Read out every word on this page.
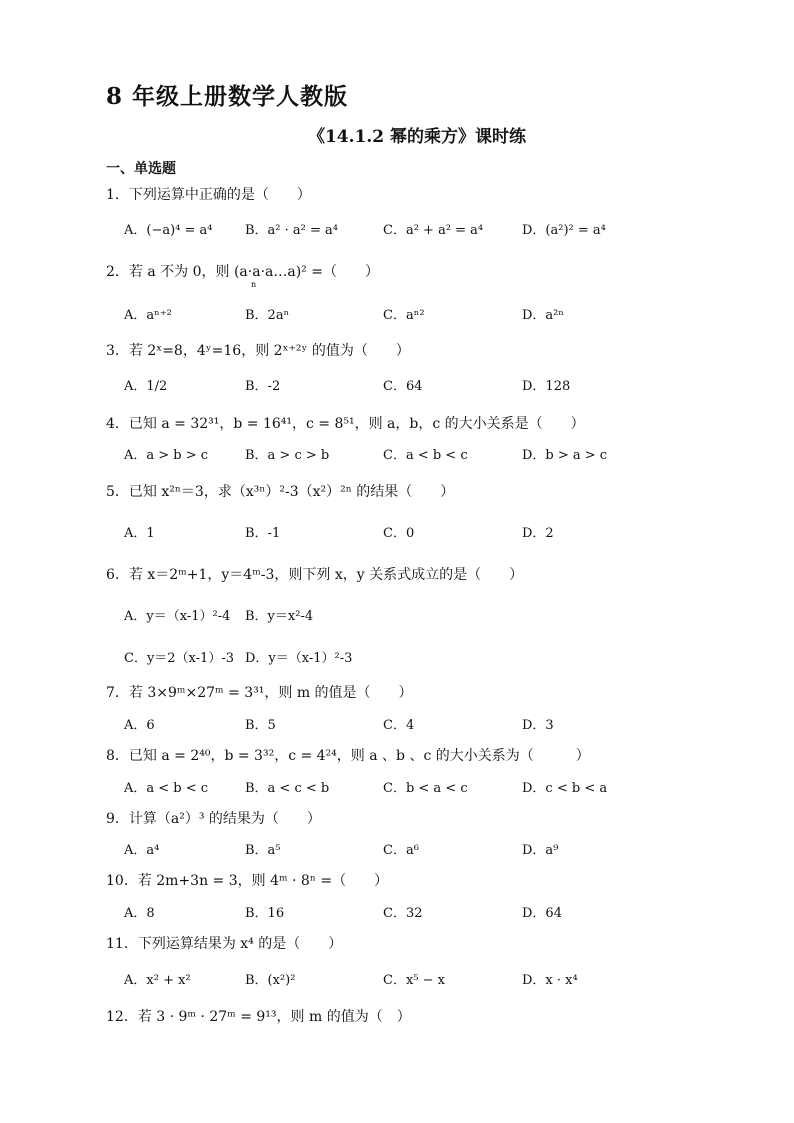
8 年级上册数学人教版
《14.1.2 幂的乘方》课时练
一、单选题
1．下列运算中正确的是（　　）
A．(−a)⁴ = a⁴ B．a² · a² = a⁴	C．a² + a² = a⁴	D．(a²)² = a⁴
2．若 a 不为 0，则 (a·a·a…a)² =（　　）
n
A．aⁿ⁺²	B．2aⁿ	C．aⁿ²	D．a²ⁿ
3．若 2ˣ=8，4ʸ=16，则 2ˣ⁺²ʸ 的值为（　　）
A．1/2	B．-2	C．64	D．128
4．已知 a = 32³¹，b = 16⁴¹，c = 8⁵¹，则 a，b，c 的大小关系是（　　）
A．a > b > c	B．a > c > b	C．a < b < c	D．b > a > c
5．已知 x²ⁿ＝3，求（x³ⁿ）²-3（x²）²ⁿ 的结果（　　）
A．1	B．-1	C．0	D．2
6．若 x＝2ᵐ+1，y＝4ᵐ-3，则下列 x，y 关系式成立的是（　　）
A．y＝（x-1）²-4 B．y＝x²-4
C．y＝2（x-1）-3 D．y＝（x-1）²-3
7．若 3×9ᵐ×27ᵐ = 3³¹，则 m 的值是（　　）
A．6	B．5	C．4	D．3
8．已知 a = 2⁴⁰，b = 3³²，c = 4²⁴，则 a 、b 、c 的大小关系为（　　　）
A．a < b < c	B．a < c < b	C．b < a < c	D．c < b < a
9．计算（a²）³ 的结果为（　　）
A．a⁴	B．a⁵	C．a⁶	D．a⁹
10．若 2m+3n = 3，则 4ᵐ · 8ⁿ =（　　）
A．8	B．16	C．32	D．64
11．下列运算结果为 x⁴ 的是（　　）
A．x² + x²	B．(x²)²	C．x⁵ − x	D．x · x⁴
12．若 3 · 9ᵐ · 27ᵐ = 9¹³，则 m 的值为（　）
